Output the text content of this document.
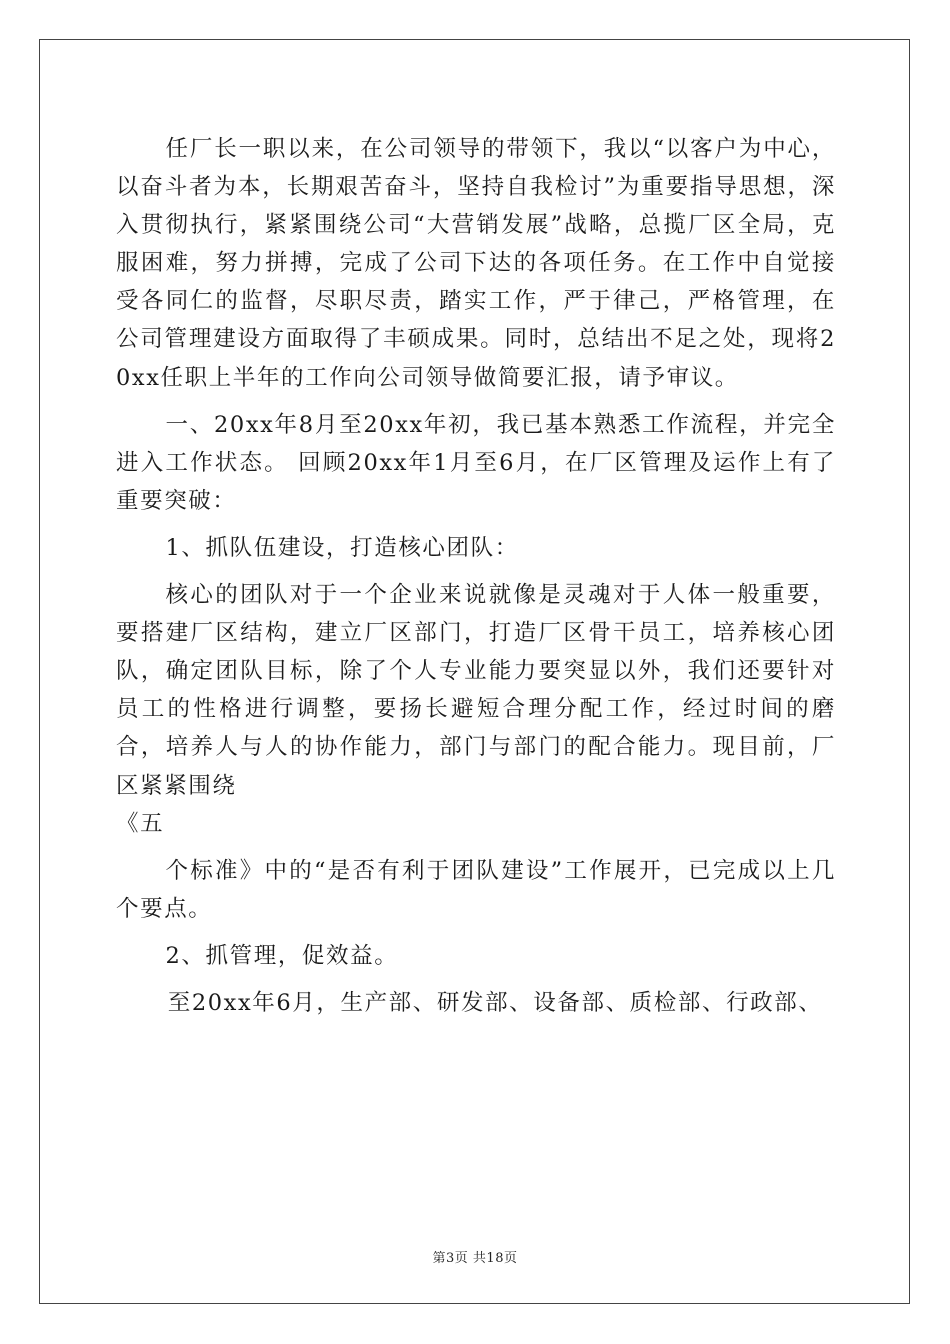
任厂长一职以来，在公司领导的带领下，我以“以客户为中心，以奋斗者为本，长期艰苦奋斗，坚持自我检讨”为重要指导思想，深入贯彻执行，紧紧围绕公司“大营销发展”战略，总揽厂区全局，克服困难，努力拼搏，完成了公司下达的各项任务。在工作中自觉接受各同仁的监督，尽职尽责，踏实工作，严于律己，严格管理，在公司管理建设方面取得了丰硕成果。同时，总结出不足之处，现将20xx任职上半年的工作向公司领导做简要汇报，请予审议。

一、20xx年8月至20xx年初，我已基本熟悉工作流程，并完全进入工作状态。 回顾20xx年1月至6月，在厂区管理及运作上有了重要突破：

1、抓队伍建设，打造核心团队：

核心的团队对于一个企业来说就像是灵魂对于人体一般重要，要搭建厂区结构，建立厂区部门，打造厂区骨干员工，培养核心团队，确定团队目标，除了个人专业能力要突显以外，我们还要针对员工的性格进行调整，要扬长避短合理分配工作，经过时间的磨合，培养人与人的协作能力，部门与部门的配合能力。现目前，厂区紧紧围绕

《五

个标准》中的“是否有利于团队建设”工作展开，已完成以上几个要点。

2、抓管理，促效益。

至20xx年6月，生产部、研发部、设备部、质检部、行政部、

第3页 共18页
